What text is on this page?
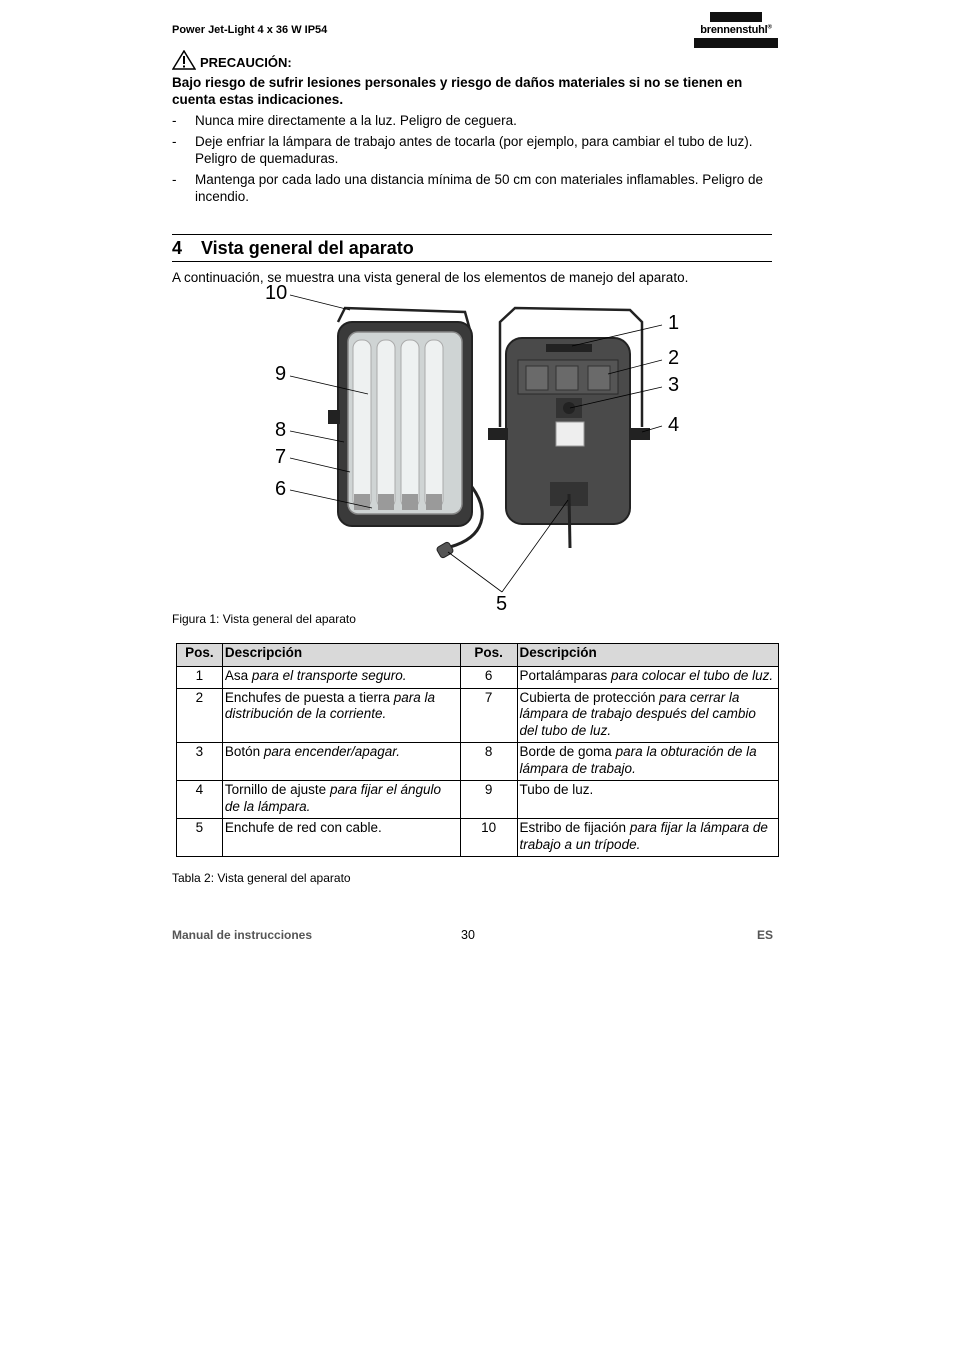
Power Jet-Light 4 x 36 W IP54	brennenstuhl®
PRECAUCIÓN:
Bajo riesgo de sufrir lesiones personales y riesgo de daños materiales si no se tienen en cuenta estas indicaciones.
- Nunca mire directamente a la luz. Peligro de ceguera.
- Deje enfriar la lámpara de trabajo antes de tocarla (por ejemplo, para cambiar el tubo de luz). Peligro de quemaduras.
- Mantenga por cada lado una distancia mínima de 50 cm con materiales inflamables. Peligro de incendio.
4 Vista general del aparato
A continuación, se muestra una vista general de los elementos de manejo del aparato.
10
9
8
7
6
1
2
3
4
5
Figura 1: Vista general del aparato
Pos.	Descripción	Pos.	Descripción
1	Asa para el transporte seguro.	6	Portalámparas para colocar el tubo de luz.
2	Enchufes de puesta a tierra para la distribución de la corriente.	7	Cubierta de protección para cerrar la lámpara de trabajo después del cambio del tubo de luz.
3	Botón para encender/apagar.	8	Borde de goma para la obturación de la lámpara de trabajo.
4	Tornillo de ajuste para fijar el ángulo de la lámpara.	9	Tubo de luz.
5	Enchufe de red con cable.	10	Estribo de fijación para fijar la lámpara de trabajo a un trípode.
Tabla 2: Vista general del aparato
Manual de instrucciones	30	ES
